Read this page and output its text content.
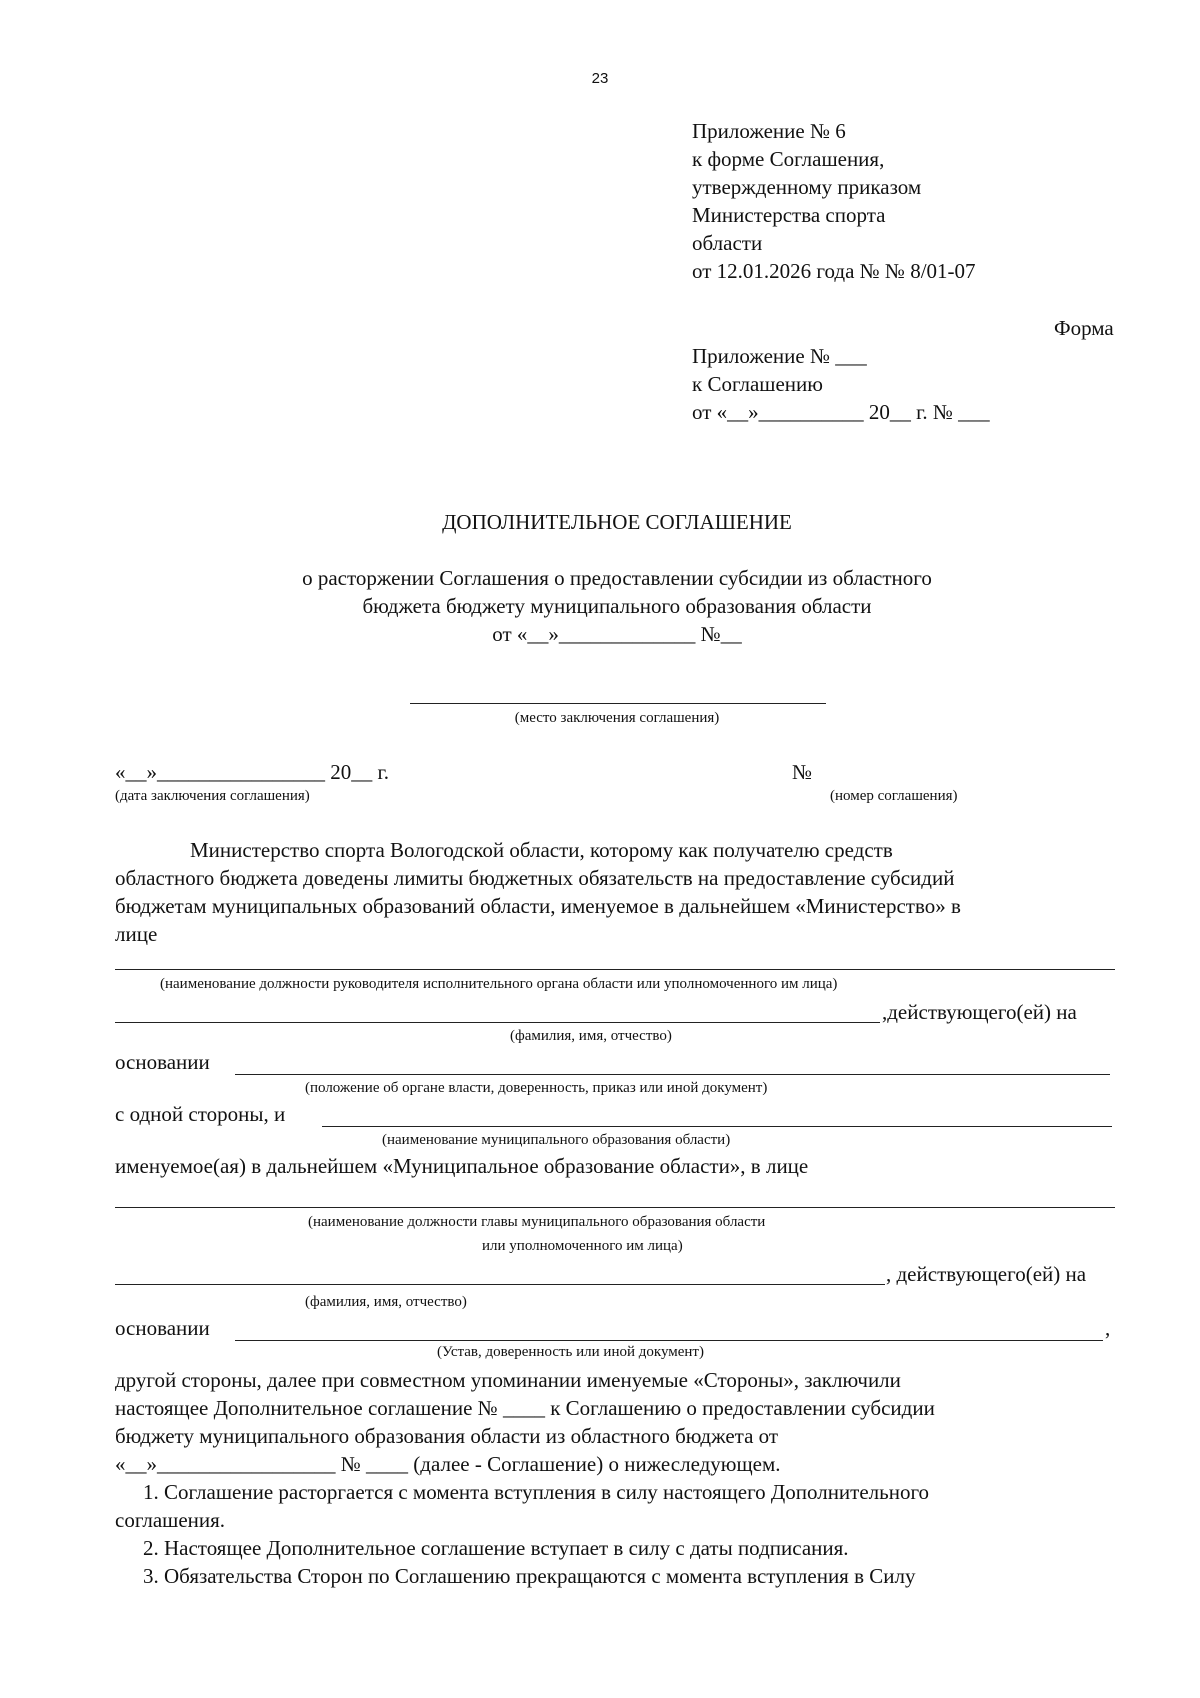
23
Приложение № 6
к форме Соглашения,
утвержденному приказом
Министерства спорта
области
от 12.01.2026 года № № 8/01-07
Форма
Приложение № ___
к Соглашению
от «__»__________ 20__ г. № ___
ДОПОЛНИТЕЛЬНОЕ СОГЛАШЕНИЕ
о расторжении Соглашения о предоставлении субсидии из областного
бюджета бюджету муниципального образования области
от «__»_____________ №__
(место заключения соглашения)
«__»________________ 20__ г.
(дата заключения соглашения)
№
(номер соглашения)
Министерство спорта Вологодской области, которому как получателю средств
областного бюджета доведены лимиты бюджетных обязательств на предоставление субсидий
бюджетам муниципальных образований области, именуемое в дальнейшем «Министерство» в
лице
(наименование должности руководителя исполнительного органа области или уполномоченного им лица)
,действующего(ей) на
(фамилия, имя, отчество)
основании
(положение об органе власти, доверенность, приказ или иной документ)
с одной стороны, и
(наименование муниципального образования области)
именуемое(ая) в дальнейшем «Муниципальное образование области», в лице
(наименование должности главы муниципального образования области
или уполномоченного им лица)
, действующего(ей) на
(фамилия, имя, отчество)
основании	,
(Устав, доверенность или иной документ)
другой стороны, далее при совместном упоминании именуемые «Стороны», заключили
настоящее Дополнительное соглашение № ____ к Соглашению о предоставлении субсидии
бюджету муниципального образования области из областного бюджета от
«__»_________________ № ____ (далее - Соглашение) о нижеследующем.
1. Соглашение расторгается с момента вступления в силу настоящего Дополнительного
соглашения.
2. Настоящее Дополнительное соглашение вступает в силу с даты подписания.
3. Обязательства Сторон по Соглашению прекращаются с момента вступления в Силу
